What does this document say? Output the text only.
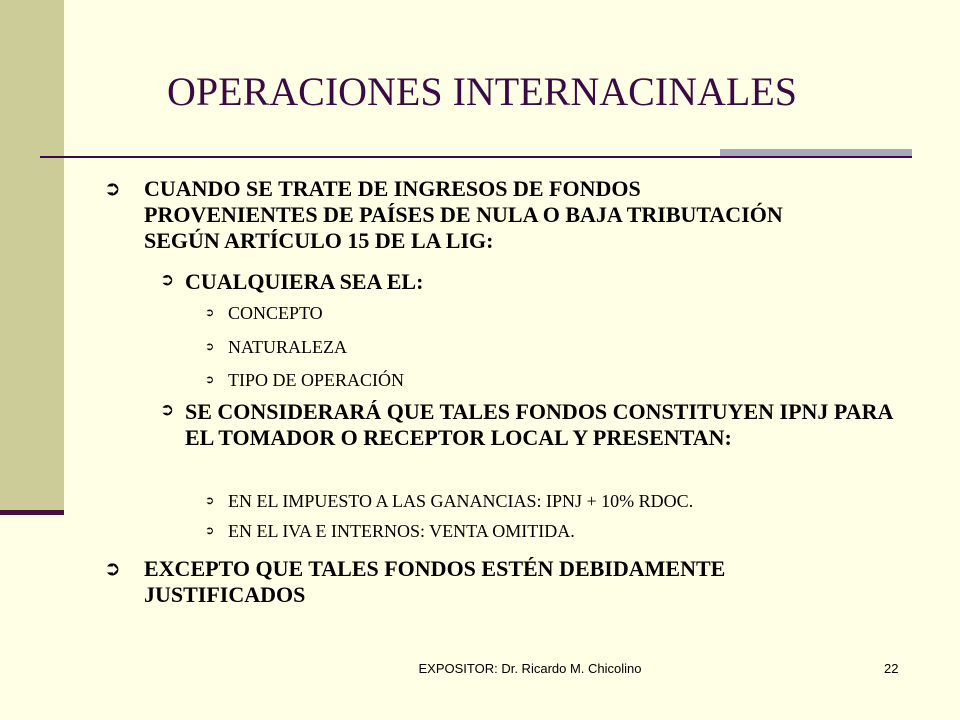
OPERACIONES INTERNACINALES
➲ CUANDO SE TRATE DE INGRESOS DE FONDOS PROVENIENTES DE PAÍSES DE NULA O BAJA TRIBUTACIÓN SEGÚN ARTÍCULO 15 DE LA LIG:
➲ CUALQUIERA SEA EL:
➲ CONCEPTO
➲ NATURALEZA
➲ TIPO DE OPERACIÓN
➲ SE CONSIDERARÁ QUE TALES FONDOS CONSTITUYEN IPNJ PARA EL TOMADOR O RECEPTOR LOCAL Y PRESENTAN:
➲ EN EL IMPUESTO A LAS GANANCIAS: IPNJ + 10% RDOC.
➲ EN EL IVA E INTERNOS: VENTA OMITIDA.
➲ EXCEPTO QUE TALES FONDOS ESTÉN DEBIDAMENTE JUSTIFICADOS
EXPOSITOR: Dr. Ricardo M. Chicolino	22
